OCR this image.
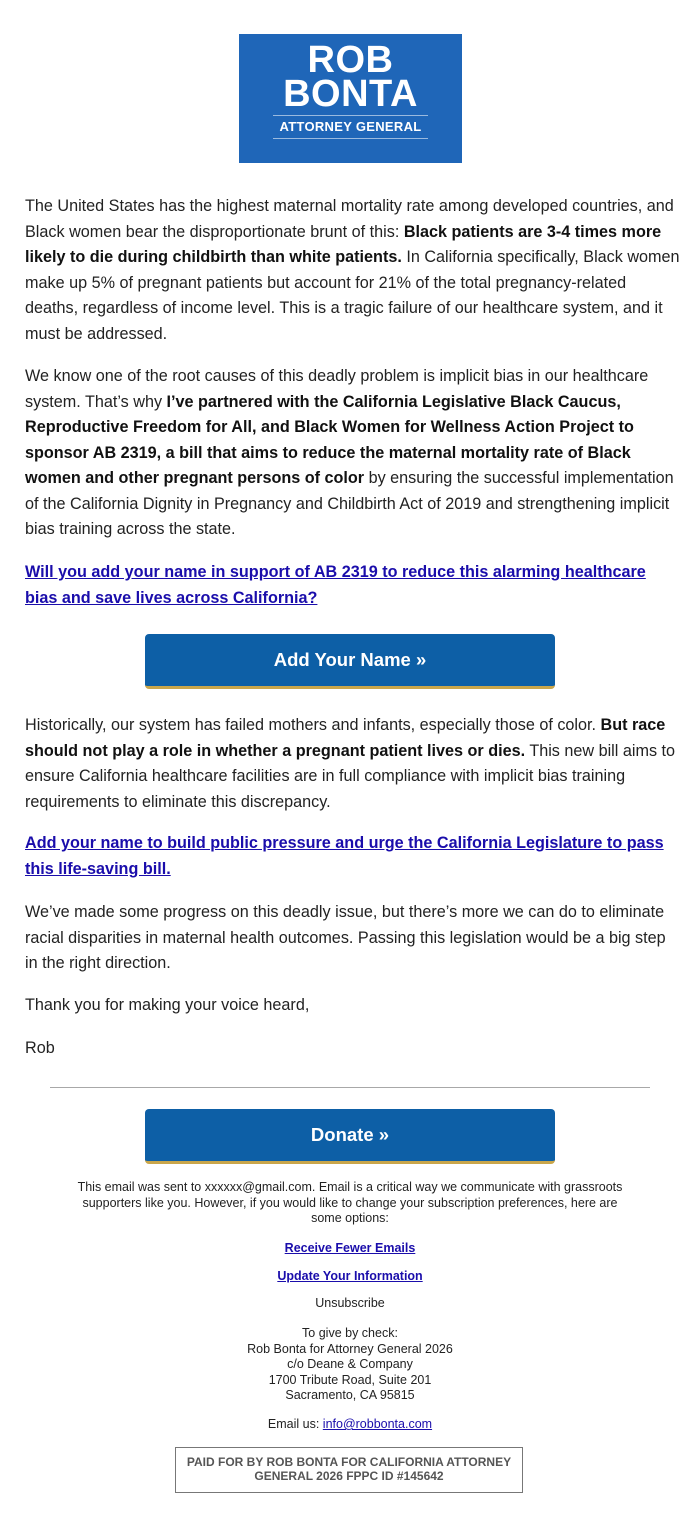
ROB
BONTA
ATTORNEY GENERAL

The United States has the highest maternal mortality rate among developed countries, and Black women bear the disproportionate brunt of this: Black patients are 3-4 times more likely to die during childbirth than white patients. In California specifically, Black women make up 5% of pregnant patients but account for 21% of the total pregnancy-related deaths, regardless of income level. This is a tragic failure of our healthcare system, and it must be addressed.

We know one of the root causes of this deadly problem is implicit bias in our healthcare system. That’s why I’ve partnered with the California Legislative Black Caucus, Reproductive Freedom for All, and Black Women for Wellness Action Project to sponsor AB 2319, a bill that aims to reduce the maternal mortality rate of Black women and other pregnant persons of color by ensuring the successful implementation of the California Dignity in Pregnancy and Childbirth Act of 2019 and strengthening implicit bias training across the state.

Will you add your name in support of AB 2319 to reduce this alarming healthcare bias and save lives across California?
Add Your Name »

Historically, our system has failed mothers and infants, especially those of color. But race should not play a role in whether a pregnant patient lives or dies. This new bill aims to ensure California healthcare facilities are in full compliance with implicit bias training requirements to eliminate this discrepancy.

Add your name to build public pressure and urge the California Legislature to pass this life-saving bill.

We’ve made some progress on this deadly issue, but there’s more we can do to eliminate racial disparities in maternal health outcomes. Passing this legislation would be a big step in the right direction.

Thank you for making your voice heard,

Rob

Donate »
This email was sent to xxxxxx@gmail.com. Email is a critical way we communicate with grassroots supporters like you. However, if you would like to change your subscription preferences, here are some options:
Receive Fewer Emails
Update Your Information
Unsubscribe
To give by check:
Rob Bonta for Attorney General 2026
c/o Deane & Company
1700 Tribute Road, Suite 201
Sacramento, CA 95815
Email us: info@robbonta.com
PAID FOR BY ROB BONTA FOR CALIFORNIA ATTORNEY GENERAL 2026 FPPC ID #145642
